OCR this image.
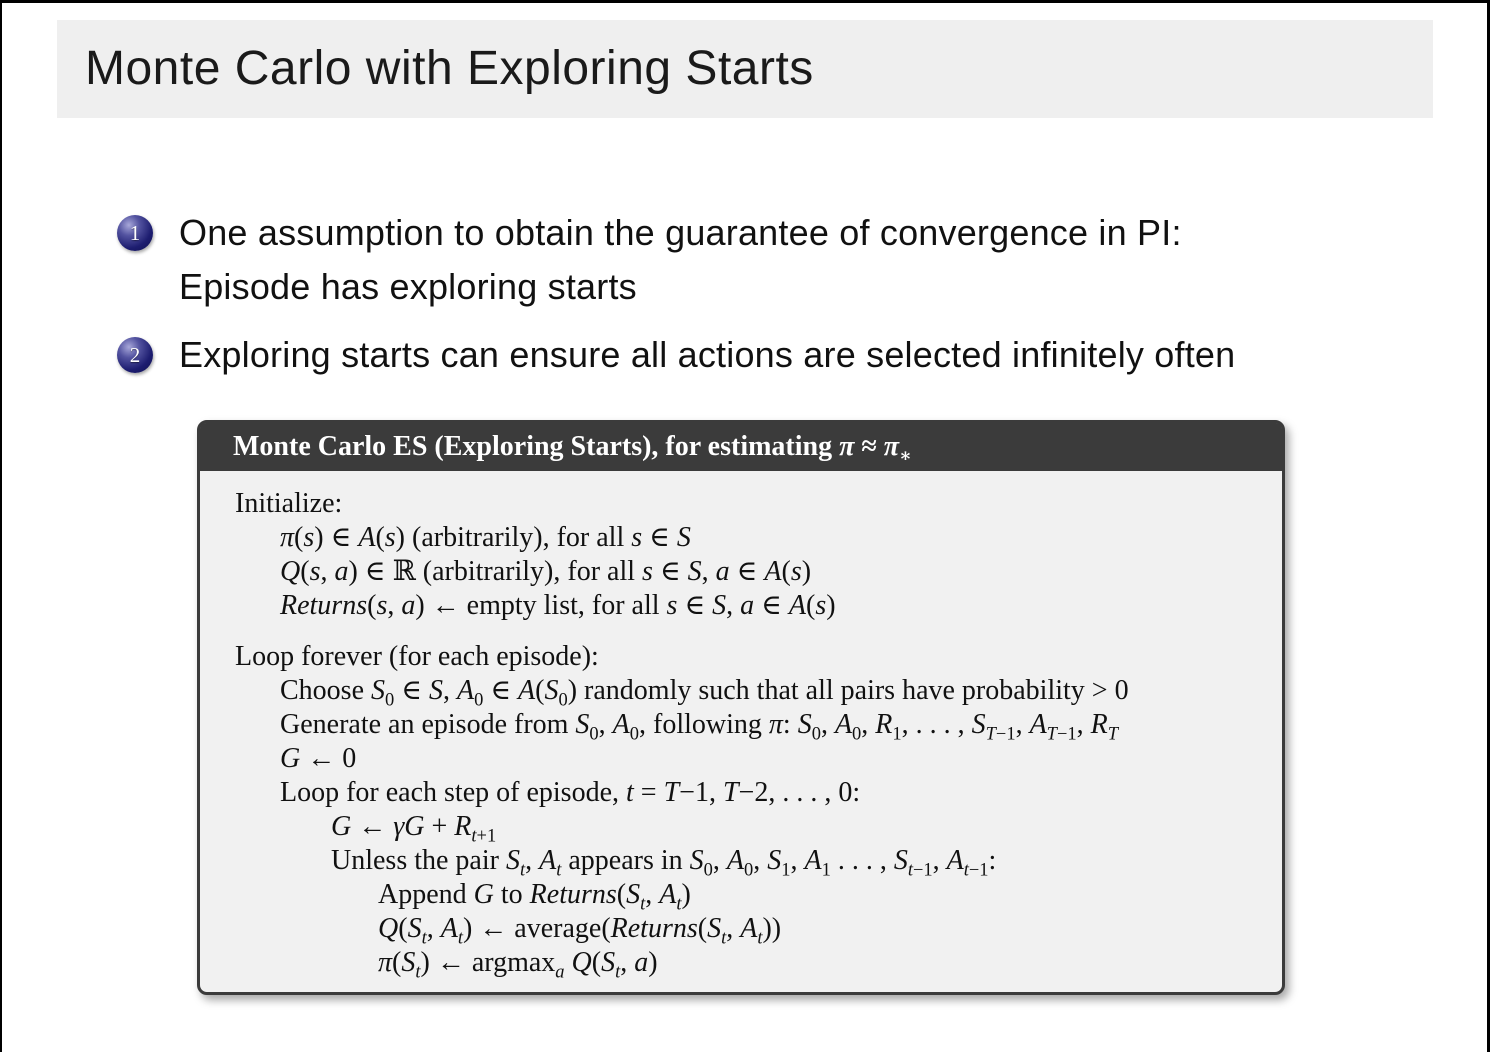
Monte Carlo with Exploring Starts
1	One assumption to obtain the guarantee of convergence in PI:
Episode has exploring starts
2	Exploring starts can ensure all actions are selected infinitely often
Monte Carlo ES (Exploring Starts), for estimating $\pi \approx \pi_∗$
Initialize:
π(s) ∈ A(s) (arbitrarily), for all s ∈ S
Q(s, a) ∈ ℝ (arbitrarily), for all s ∈ S, a ∈ A(s)
Returns(s, a) ← empty list, for all s ∈ S, a ∈ A(s)
Loop forever (for each episode):
Choose $S_0$ ∈ S, $A_0$ ∈ $A(S_0)$ randomly such that all pairs have probability > 0
Generate an episode from $S_0$, $A_0$, following π: $S_0$, $A_0$, $R_1$, . . . , $S_{T-1}$, $A_{T-1}$, $R_T$
G ← 0
Loop for each step of episode, t = T−1, T−2, . . . , 0:
G ← $\gamma G + R_{t+1}$
Unless the pair $S_t$, $A_t$ appears in $S_0$, $A_0$, $S_1$, $A_1$ . . . , $S_{t-1}$, $A_{t-1}$:
Append G to $Returns(S_t$, $A_t$)
$Q(S_t$, $A_t$) ← $average(Returns(S_t$, $A_t$))
$\pi(S_t)$ ← argmax$_a$ $Q(S_t$, a)
